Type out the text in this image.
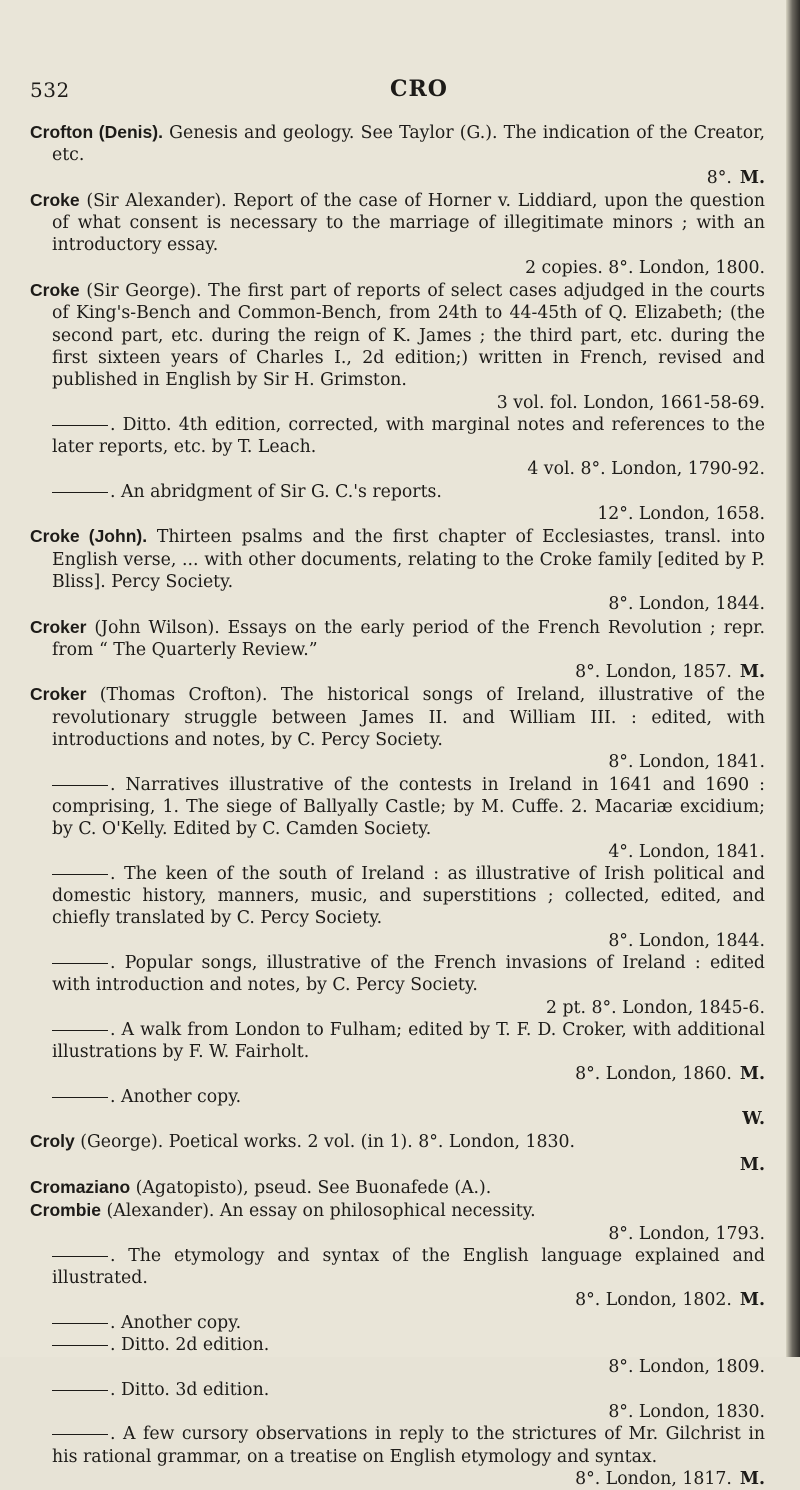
532	CRO

Crofton (Denis). Genesis and geology. See Taylor (G.). The indication of the Creator, etc.
8°. M.

Croke (Sir Alexander). Report of the case of Horner v. Liddiard, upon the question of what consent is necessary to the marriage of illegitimate minors ; with an introductory essay.
2 copies. 8°. London, 1800.

Croke (Sir George). The first part of reports of select cases adjudged in the courts of King's-Bench and Common-Bench, from 24th to 44-45th of Q. Elizabeth; (the second part, etc. during the reign of K. James ; the third part, etc. during the first sixteen years of Charles I., 2d edition;) written in French, revised and published in English by Sir H. Grimston.
3 vol. fol. London, 1661-58-69.

. Ditto. 4th edition, corrected, with marginal notes and references to the later reports, etc. by T. Leach.
4 vol. 8°. London, 1790-92.

. An abridgment of Sir G. C.'s reports.
12°. London, 1658.

Croke (John). Thirteen psalms and the first chapter of Ecclesiastes, transl. into English verse, ... with other documents, relating to the Croke family [edited by P. Bliss]. Percy Society.
8°. London, 1844.

Croker (John Wilson). Essays on the early period of the French Revolution ; repr. from “ The Quarterly Review.”
8°. London, 1857. M.

Croker (Thomas Crofton). The historical songs of Ireland, illustrative of the revolutionary struggle between James II. and William III. : edited, with introductions and notes, by C. Percy Society.
8°. London, 1841.

. Narratives illustrative of the contests in Ireland in 1641 and 1690 : comprising, 1. The siege of Ballyally Castle; by M. Cuffe. 2. Macariæ excidium; by C. O'Kelly. Edited by C. Camden Society.
4°. London, 1841.

. The keen of the south of Ireland : as illustrative of Irish political and domestic history, manners, music, and superstitions ; collected, edited, and chiefly translated by C. Percy Society.
8°. London, 1844.

. Popular songs, illustrative of the French invasions of Ireland : edited with introduction and notes, by C. Percy Society.
2 pt. 8°. London, 1845-6.

. A walk from London to Fulham; edited by T. F. D. Croker, with additional illustrations by F. W. Fairholt.
8°. London, 1860. M.

. Another copy.
W.

Croly (George). Poetical works. 2 vol. (in 1). 8°. London, 1830.
M.

Cromaziano (Agatopisto), pseud. See Buonafede (A.).

Crombie (Alexander). An essay on philosophical necessity.
8°. London, 1793.

. The etymology and syntax of the English language explained and illustrated.
8°. London, 1802. M.

. Another copy.

. Ditto. 2d edition.
8°. London, 1809.

. Ditto. 3d edition.
8°. London, 1830.

. A few cursory observations in reply to the strictures of Mr. Gilchrist in his rational grammar, on a treatise on English etymology and syntax.
8°. London, 1817. M.
